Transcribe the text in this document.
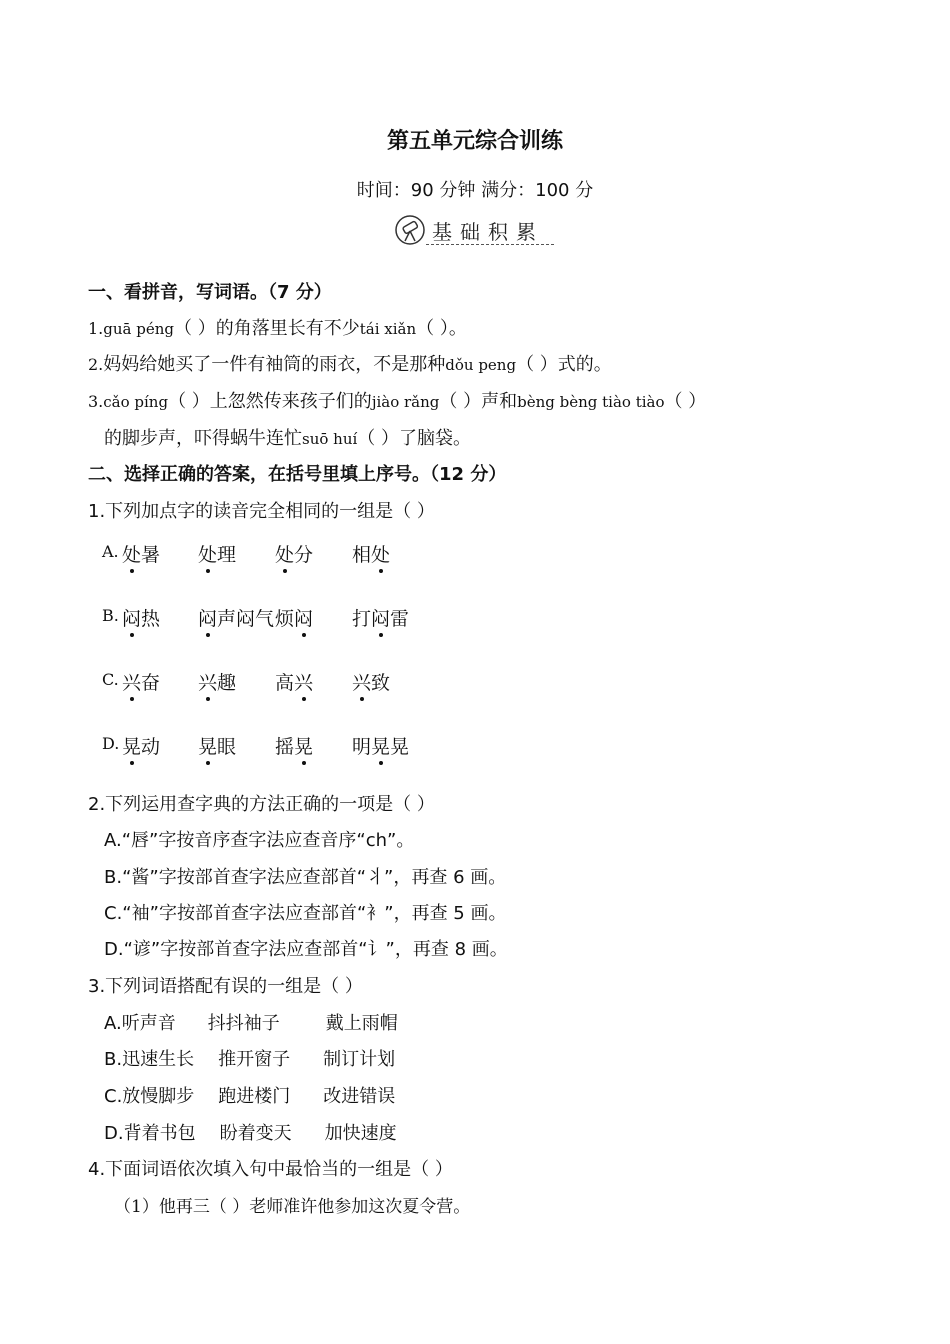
第五单元综合训练
时间：90 分钟 满分：100 分
基础积累
一、看拼音，写词语。（7 分）
1.guā péng（ ）的角落里长有不少tái xiǎn（ ）。
2.妈妈给她买了一件有袖筒的雨衣，不是那种dǒu peng（ ）式的。
3.cǎo píng（ ）上忽然传来孩子们的jiào rǎng（ ）声和bèng bèng tiào tiào（ ）
的脚步声，吓得蜗牛连忙suō huí（ ）了脑袋。
二、选择正确的答案，在括号里填上序号。（12 分）
1.下列加点字的读音完全相同的一组是（ ）
A. 处暑 处理 处分 相处
B. 闷热 闷声闷气 烦闷 打闷雷
C. 兴奋 兴趣 高兴 兴致
D. 晃动 晃眼 摇晃 明晃晃
2.下列运用查字典的方法正确的一项是（ ）
A.“唇”字按音序查字法应查音序“ch”。
B.“酱”字按部首查字法应查部首“丬”，再查 6 画。
C.“袖”字按部首查字法应查部首“衤”，再查 5 画。
D.“谚”字按部首查字法应查部首“讠”，再查 8 画。
3.下列词语搭配有误的一组是（ ）
A.听声音 抖抖袖子	戴上雨帽
B.迅速生长 推开窗子 制订计划
C.放慢脚步 跑进楼门 改进错误
D.背着书包 盼着变天 加快速度
4.下面词语依次填入句中最恰当的一组是（ ）
（1）他再三（ ）老师准许他参加这次夏令营。
